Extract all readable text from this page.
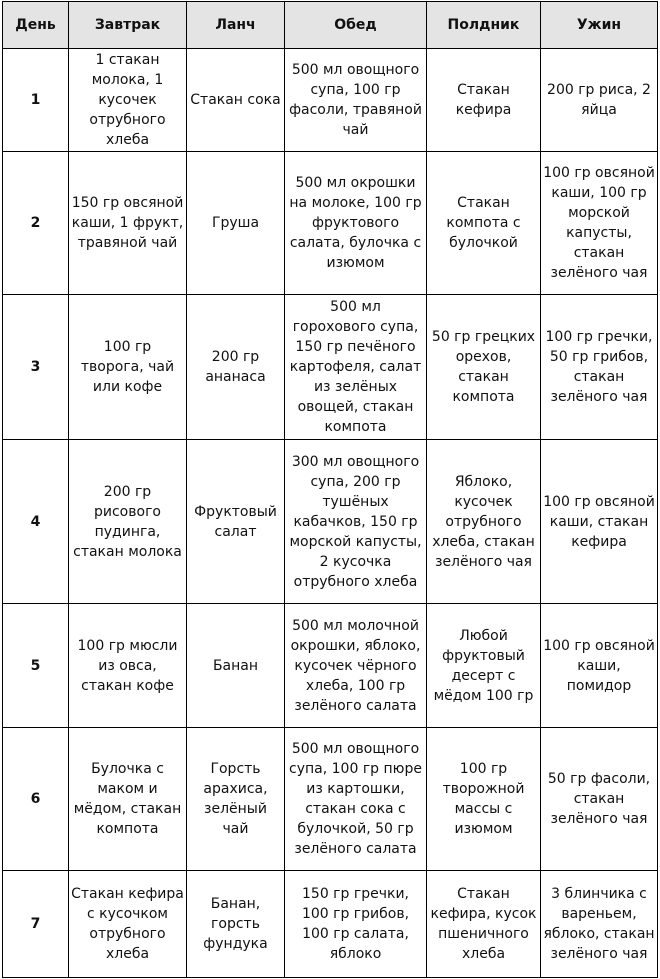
День	Завтрак	Ланч	Обед	Полдник	Ужин
1	1 стакан молока, 1 кусочек отрубного хлеба	Стакан сока	500 мл овощного супа, 100 гр фасоли, травяной чай	Стакан кефира	200 гр риса, 2 яйца
2	150 гр овсяной каши, 1 фрукт, травяной чай	Груша	500 мл окрошки на молоке, 100 гр фруктового салата, булочка с изюмом	Стакан компота с булочкой	100 гр овсяной каши, 100 гр морской капусты, стакан зелёного чая
3	100 гр творога, чай или кофе	200 гр ананаса	500 мл горохового супа, 150 гр печёного картофеля, салат из зелёных овощей, стакан компота	50 гр грецких орехов, стакан компота	100 гр гречки, 50 гр грибов, стакан зелёного чая
4	200 гр рисового пудинга, стакан молока	Фруктовый салат	300 мл овощного супа, 200 гр тушёных кабачков, 150 гр морской капусты, 2 кусочка отрубного хлеба	Яблоко, кусочек отрубного хлеба, стакан зелёного чая	100 гр овсяной каши, стакан кефира
5	100 гр мюсли из овса, стакан кофе	Банан	500 мл молочной окрошки, яблоко, кусочек чёрного хлеба, 100 гр зелёного салата	Любой фруктовый десерт с мёдом 100 гр	100 гр овсяной каши, помидор
6	Булочка с маком и мёдом, стакан компота	Горсть арахиса, зелёный чай	500 мл овощного супа, 100 гр пюре из картошки, стакан сока с булочкой, 50 гр зелёного салата	100 гр творожной массы с изюмом	50 гр фасоли, стакан зелёного чая
7	Стакан кефира с кусочком отрубного хлеба	Банан, горсть фундука	150 гр гречки, 100 гр грибов, 100 гр салата, яблоко	Стакан кефира, кусок пшеничного хлеба	3 блинчика с вареньем, яблоко, стакан зелёного чая
